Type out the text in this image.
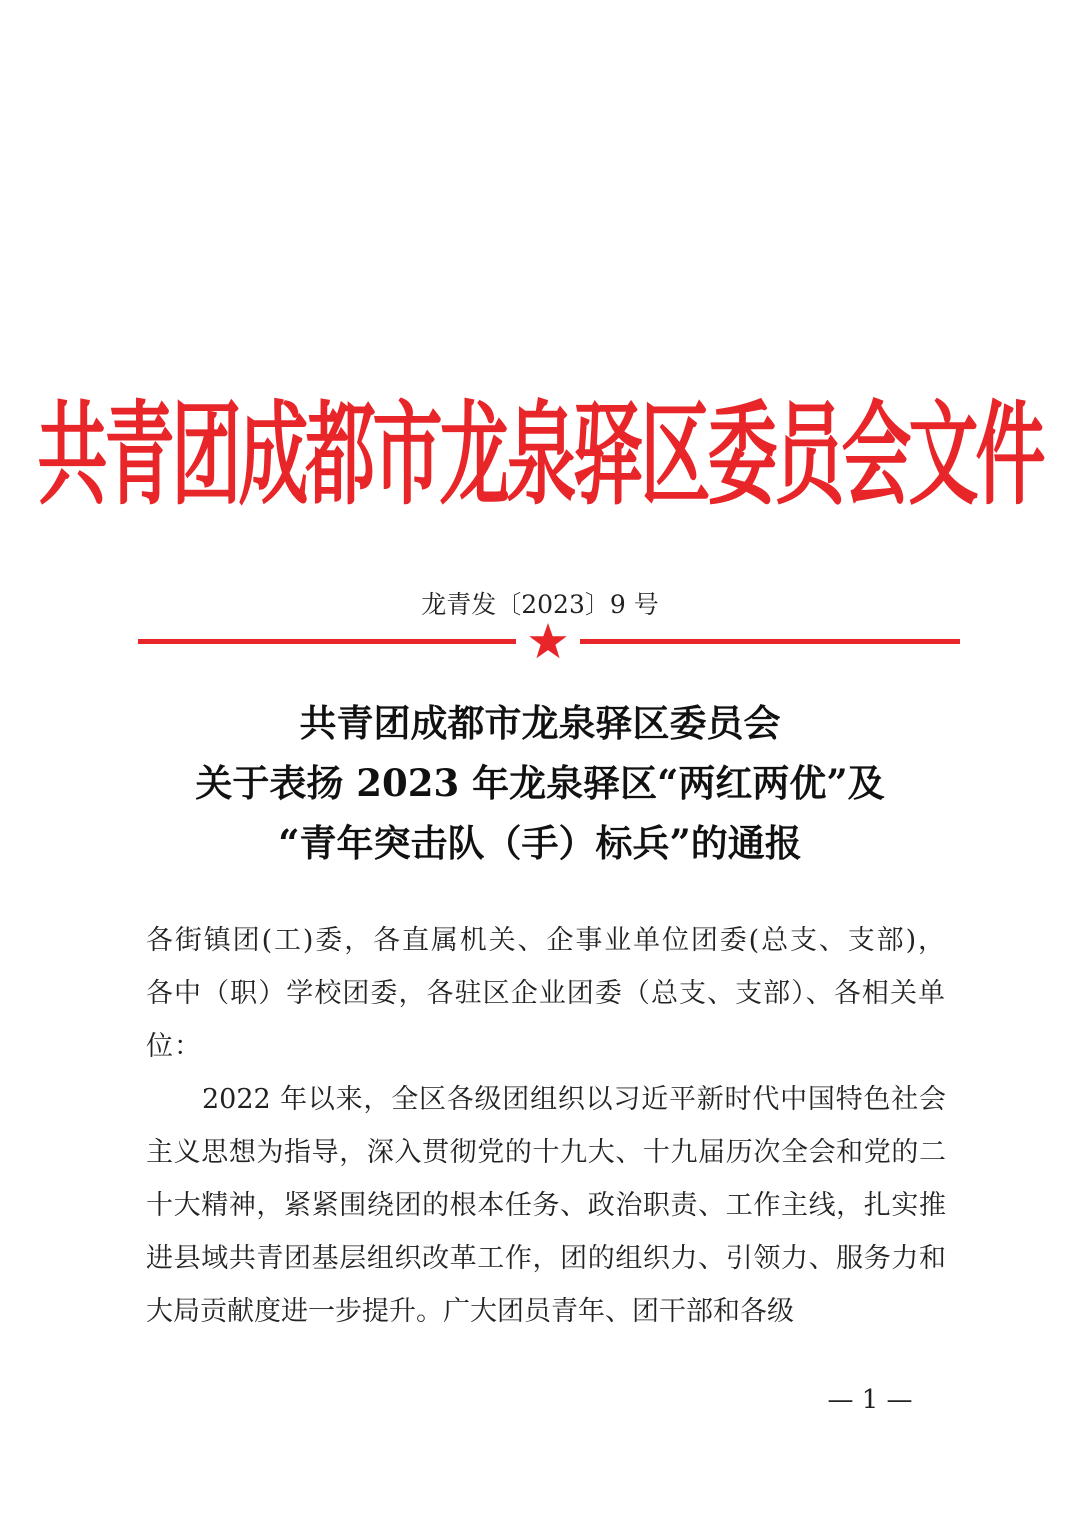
共青团成都市龙泉驿区委员会文件
龙青发〔2023〕9 号
共青团成都市龙泉驿区委员会
关于表扬 2023 年龙泉驿区“两红两优”及
“青年突击队（手）标兵”的通报

各街镇团(工)委，各直属机关、企事业单位团委(总支、支部)，各中（职）学校团委，各驻区企业团委（总支、支部）、各相关单位：

2022 年以来，全区各级团组织以习近平新时代中国特色社会主义思想为指导，深入贯彻党的十九大、十九届历次全会和党的二十大精神，紧紧围绕团的根本任务、政治职责、工作主线，扎实推进县域共青团基层组织改革工作，团的组织力、引领力、服务力和大局贡献度进一步提升。广大团员青年、团干部和各级

— 1 —
